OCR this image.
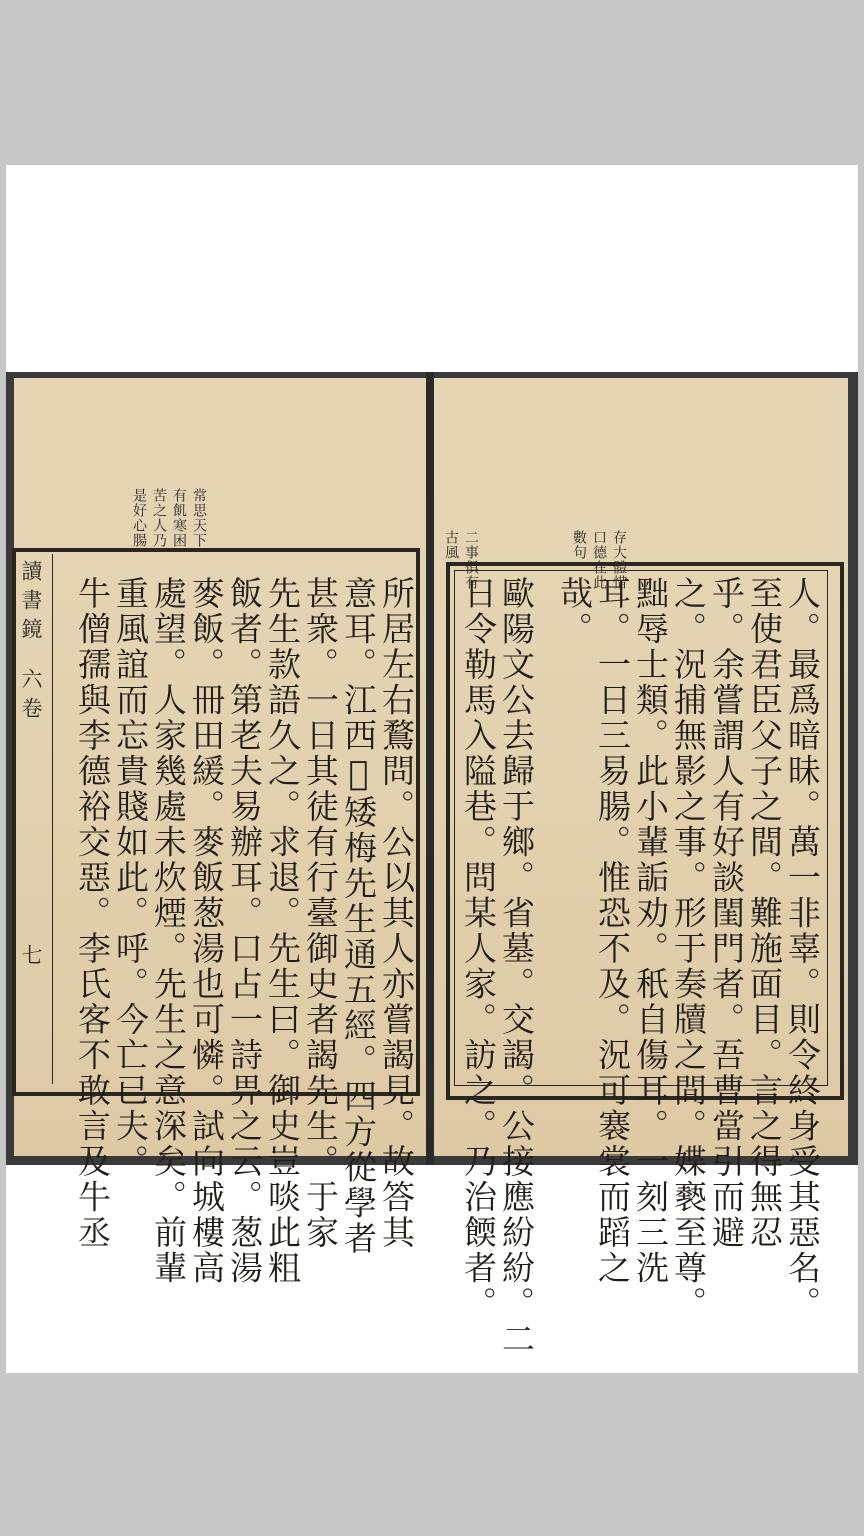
常思天下
有飢寒困
苦之人乃
是好心腸
讀書鏡
六卷
七	所居左右鶩問。公以其人亦嘗謁見。故答其
意耳。江西𦔳矮梅先生通五經。四方從學者
甚衆。一日其徒有行臺御史者謁先生。于家
先生款語久之。求退。先生曰。御史豈啖此粗
飯者。第老夫易辦耳。口占一詩畀之云。葱湯
麥飯。冊田緩。麥飯葱湯也可憐。試向城樓高
處望。人家幾處未炊煙。先生之意深矣。前輩
重風誼而忘貴賤如此。呼。今亡已夫。
牛僧孺與李德裕交惡。李氏客不敢言及牛丞
存大體惜
口德在此
數句
二事俱有
古風
人。最爲暗昧。萬一非辜。則令終身受其惡名。
至使君臣父子之間。難施面目。言之得無忍
乎。余嘗謂人有好談閨門者。吾曹當引而避
之。況捕無影之事。形于奏牘之間。媟褻至尊。
黜辱士類。此小輩詬劝。秖自傷耳。一刻三洗
耳。一日三易腸。惟恐不及。況可褰裳而蹈之
哉。
歐陽文公去歸于鄉。省墓。交謁。公接應紛紛。二
日令勒馬入隘巷。問某人家。訪之。乃治餪者。
